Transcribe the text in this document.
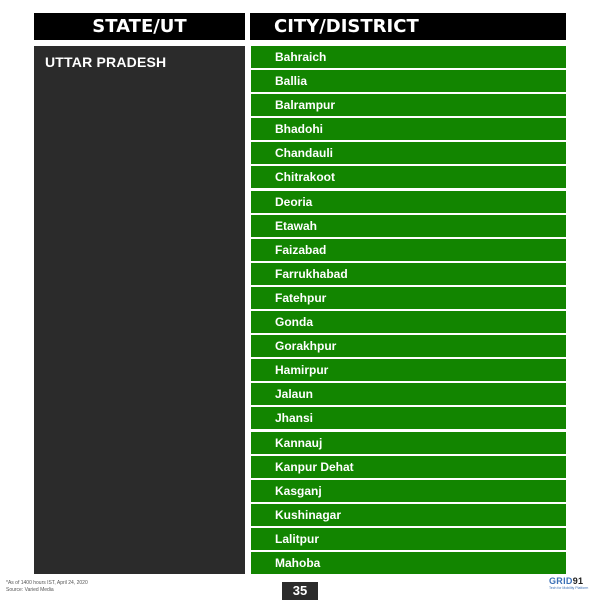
STATE/UT	CITY/DISTRICT
UTTAR PRADESH	Bahraich
Ballia
Balrampur
Bhadohi
Chandauli
Chitrakoot
Deoria
Etawah
Faizabad
Farrukhabad
Fatehpur
Gonda
Gorakhpur
Hamirpur
Jalaun
Jhansi
Kannauj
Kanpur Dehat
Kasganj
Kushinagar
Lalitpur
Mahoba
*As of 1400 hours IST, April 24, 2020
Source: Varied Media	35
GRID91
Tech for Mobility Platform
